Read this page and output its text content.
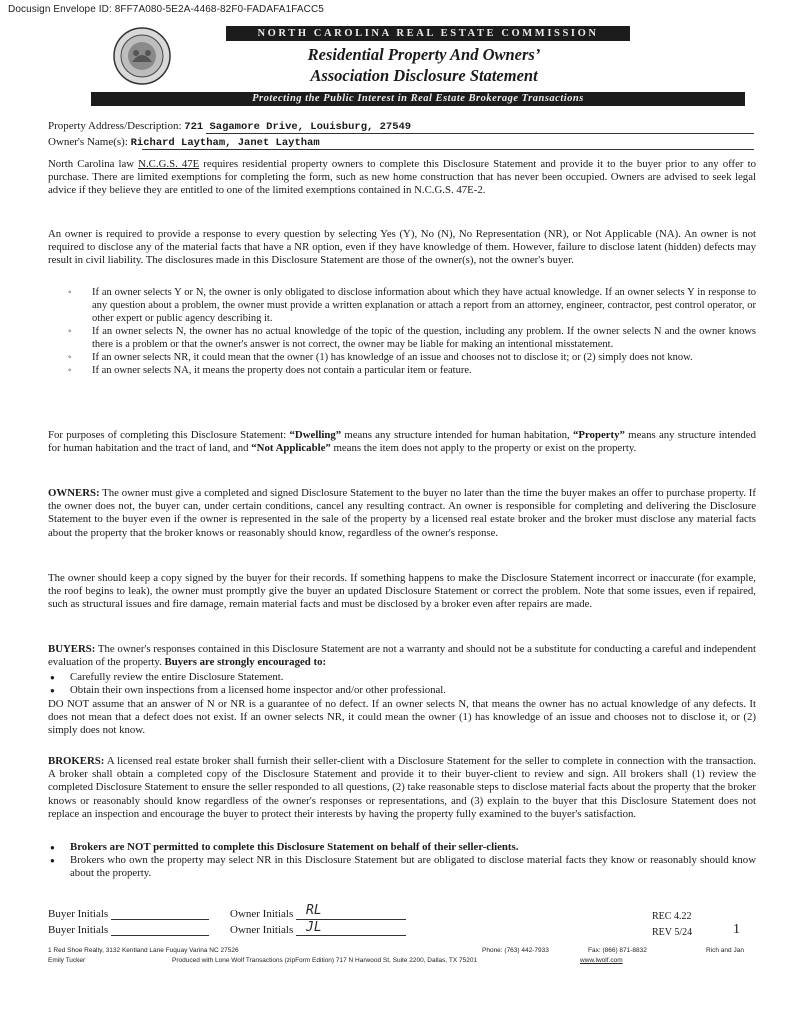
Docusign Envelope ID: 8FF7A080-5E2A-4468-82F0-FADAFA1FACC5
NORTH CAROLINA REAL ESTATE COMMISSION
Residential Property And Owners’
Association Disclosure Statement
Protecting the Public Interest in Real Estate Brokerage Transactions
Property Address/Description: 721 Sagamore Drive, Louisburg, 27549
Owner's Name(s): Richard Laytham, Janet Laytham

North Carolina law N.C.G.S. 47E requires residential property owners to complete this Disclosure Statement and provide it to the buyer prior to any offer to purchase. There are limited exemptions for completing the form, such as new home construction that has never been occupied. Owners are advised to seek legal advice if they believe they are entitled to one of the limited exemptions contained in N.C.G.S. 47E-2.

An owner is required to provide a response to every question by selecting Yes (Y), No (N), No Representation (NR), or Not Applicable (NA). An owner is not required to disclose any of the material facts that have a NR option, even if they have knowledge of them. However, failure to disclose latent (hidden) defects may result in civil liability. The disclosures made in this Disclosure Statement are those of the owner(s), not the owner's buyer.
◦ If an owner selects Y or N, the owner is only obligated to disclose information about which they have actual knowledge. If an owner selects Y in response to any question about a problem, the owner must provide a written explanation or attach a report from an attorney, engineer, contractor, pest control operator, or other expert or public agency describing it.
◦ If an owner selects N, the owner has no actual knowledge of the topic of the question, including any problem. If the owner selects N and the owner knows there is a problem or that the owner's answer is not correct, the owner may be liable for making an intentional misstatement.
◦ If an owner selects NR, it could mean that the owner (1) has knowledge of an issue and chooses not to disclose it; or (2) simply does not know.
◦ If an owner selects NA, it means the property does not contain a particular item or feature.

For purposes of completing this Disclosure Statement: “Dwelling” means any structure intended for human habitation, “Property” means any structure intended for human habitation and the tract of land, and “Not Applicable” means the item does not apply to the property or exist on the property.

OWNERS: The owner must give a completed and signed Disclosure Statement to the buyer no later than the time the buyer makes an offer to purchase property. If the owner does not, the buyer can, under certain conditions, cancel any resulting contract. An owner is responsible for completing and delivering the Disclosure Statement to the buyer even if the owner is represented in the sale of the property by a licensed real estate broker and the broker must disclose any material facts about the property that the broker knows or reasonably should know, regardless of the owner's response.

The owner should keep a copy signed by the buyer for their records. If something happens to make the Disclosure Statement incorrect or inaccurate (for example, the roof begins to leak), the owner must promptly give the buyer an updated Disclosure Statement or correct the problem. Note that some issues, even if repaired, such as structural issues and fire damage, remain material facts and must be disclosed by a broker even after repairs are made.

BUYERS: The owner's responses contained in this Disclosure Statement are not a warranty and should not be a substitute for conducting a careful and independent evaluation of the property. Buyers are strongly encouraged to:

● Carefully review the entire Disclosure Statement.
● Obtain their own inspections from a licensed home inspector and/or other professional.
DO NOT assume that an answer of N or NR is a guarantee of no defect. If an owner selects N, that means the owner has no actual knowledge of any defects. It does not mean that a defect does not exist. If an owner selects NR, it could mean the owner (1) has knowledge of an issue and chooses not to disclose it, or (2) simply does not know.

BROKERS: A licensed real estate broker shall furnish their seller-client with a Disclosure Statement for the seller to complete in connection with the transaction. A broker shall obtain a completed copy of the Disclosure Statement and provide it to their buyer-client to review and sign. All brokers shall (1) review the completed Disclosure Statement to ensure the seller responded to all questions, (2) take reasonable steps to disclose material facts about the property that the broker knows or reasonably should know regardless of the owner's responses or representations, and (3) explain to the buyer that this Disclosure Statement does not replace an inspection and encourage the buyer to protect their interests by having the property fully examined to the buyer's satisfaction.

● Brokers are NOT permitted to complete this Disclosure Statement on behalf of their seller-clients.
● Brokers who own the property may select NR in this Disclosure Statement but are obligated to disclose material facts they know or reasonably should know about the property.
Buyer Initials
Buyer Initials
Owner Initials
Owner Initials
RL
JL
REC 4.22
REV 5/24	1
1 Red Shoe Realty, 3132 Kentland Lane Fuquay Varina NC 27526
Emily Tucker
Phone: (763) 442-7933	Fax: (866) 871-8832	Rich and Jan
Produced with Lone Wolf Transactions (zipForm Edition) 717 N Harwood St, Suite 2200, Dallas, TX 75201	www.lwolf.com
